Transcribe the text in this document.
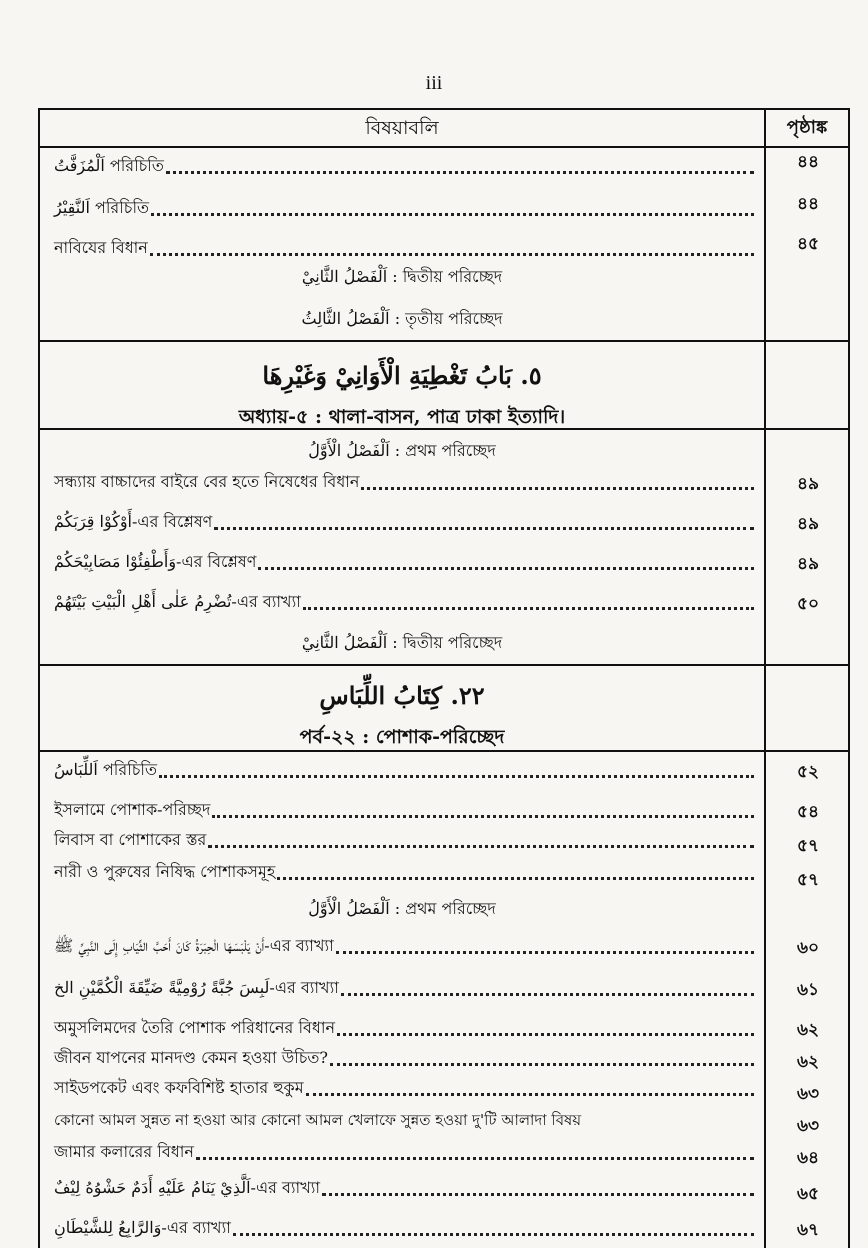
iii
বিষয়াবলি	পৃষ্ঠাঙ্ক
اَلْمُزَفَّتُ পরিচিতি	৪৪
اَلنَّقِيْرُ পরিচিতি	৪৪
নাবিযের বিধান	৪৫
اَلْفَصْلُ الثَّانِيْ : দ্বিতীয় পরিচ্ছেদ
اَلْفَصْلُ الثَّالِثُ : তৃতীয় পরিচ্ছেদ
٥. بَابُ تَغْطِيَةِ الْأَوَانِيْ وَغَيْرِهَا
অধ্যায়-৫ : থালা-বাসন, পাত্র ঢাকা ইত্যাদি।
اَلْفَصْلُ الْأَوَّلُ : প্রথম পরিচ্ছেদ
সন্ধ্যায় বাচ্চাদের বাইরে বের হতে নিষেধের বিধান	৪৯
أَوْكُوْا قِرَبَكُمْ-এর বিশ্লেষণ	৪৯
وَأَطْفِئُوْا مَصَابِيْحَكُمْ-এর বিশ্লেষণ	৪৯
تُضْرِمُ عَلٰى أَهْلِ الْبَيْتِ بَيْتَهُمْ-এর ব্যাখ্যা	৫০
اَلْفَصْلُ الثَّانِيْ : দ্বিতীয় পরিচ্ছেদ
٢٢. كِتَابُ اللِّبَاسِ
পর্ব-২২ : পোশাক-পরিচ্ছেদ
اَللِّبَاسُ পরিচিতি	৫২
ইসলামে পোশাক-পরিচ্ছদ	৫৪
লিবাস বা পোশাকের স্তর	৫৭
নারী ও পুরুষের নিষিদ্ধ পোশাকসমূহ	৫৭
اَلْفَصْلُ الْأَوَّلُ : প্রথম পরিচ্ছেদ
أَنْ يَلْبَسَهَا الْحِبَرَةُ كَانَ أَحَبَّ الثِّيَابِ إِلَى النَّبِيِّ ﷺ-এর ব্যাখ্যা	৬০
لَبِسَ جُبَّةً رُوْمِيَّةً ضَيِّقَةَ الْكُمَّيْنِ الخ-এর ব্যাখ্যা	৬১
অমুসলিমদের তৈরি পোশাক পরিধানের বিধান	৬২
জীবন যাপনের মানদণ্ড কেমন হওয়া উচিত?	৬২
সাইডপকেট এবং কফবিশিষ্ট হাতার হুকুম	৬৩
কোনো আমল সুন্নত না হওয়া আর কোনো আমল খেলাফে সুন্নত হওয়া দু'টি আলাদা বিষয়	৬৩
জামার কলারের বিধান	৬৪
اَلَّذِيْ يَنَامُ عَلَيْهِ أَدَمٌ حَشْوُهُ لِيْفٌ-এর ব্যাখ্যা	৬৫
وَالرَّابِعُ لِلشَّيْطَانِ-এর ব্যাখ্যা	৬৭
